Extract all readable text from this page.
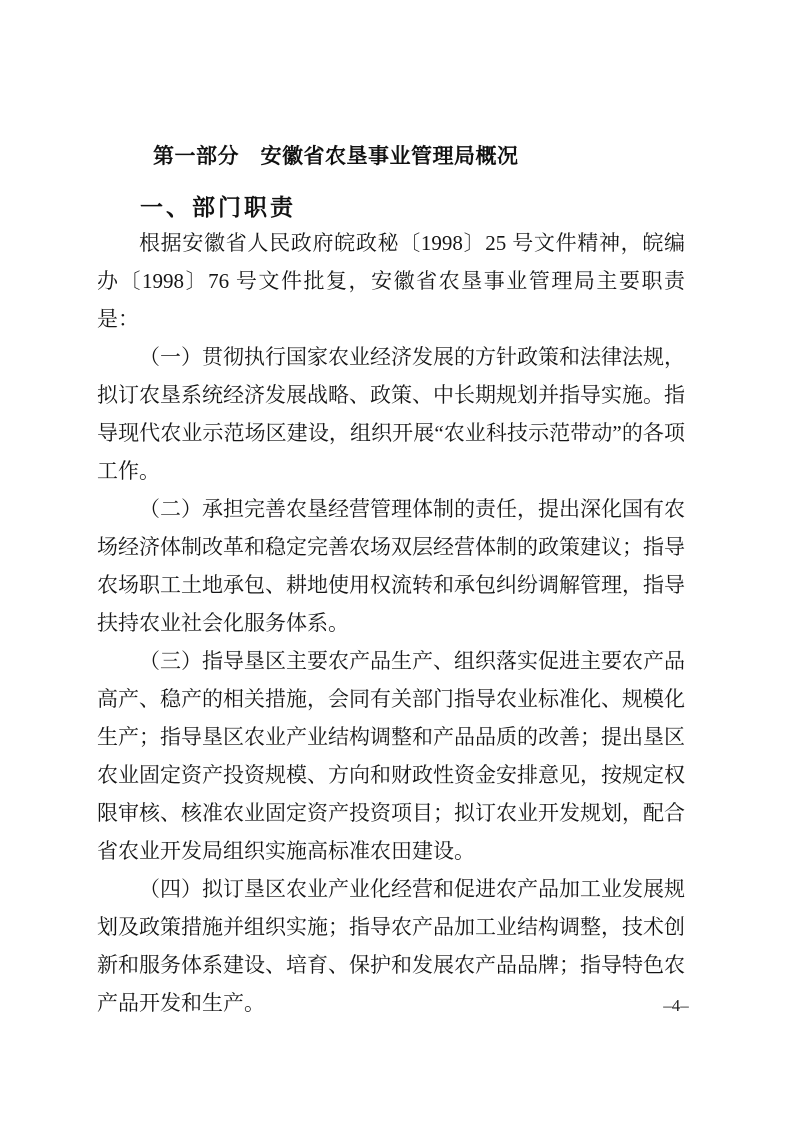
第一部分　安徽省农垦事业管理局概况
一、部门职责

根据安徽省人民政府皖政秘〔1998〕25 号文件精神，皖编办〔1998〕76 号文件批复，安徽省农垦事业管理局主要职责是：

（一）贯彻执行国家农业经济发展的方针政策和法律法规，拟订农垦系统经济发展战略、政策、中长期规划并指导实施。指导现代农业示范场区建设，组织开展“农业科技示范带动”的各项工作。

（二）承担完善农垦经营管理体制的责任，提出深化国有农场经济体制改革和稳定完善农场双层经营体制的政策建议；指导农场职工土地承包、耕地使用权流转和承包纠纷调解管理，指导扶持农业社会化服务体系。

（三）指导垦区主要农产品生产、组织落实促进主要农产品高产、稳产的相关措施，会同有关部门指导农业标准化、规模化生产；指导垦区农业产业结构调整和产品品质的改善；提出垦区农业固定资产投资规模、方向和财政性资金安排意见，按规定权限审核、核准农业固定资产投资项目；拟订农业开发规划，配合省农业开发局组织实施高标准农田建设。

（四）拟订垦区农业产业化经营和促进农产品加工业发展规划及政策措施并组织实施；指导农产品加工业结构调整，技术创新和服务体系建设、培育、保护和发展农产品品牌；指导特色农产品开发和生产。	–4–
